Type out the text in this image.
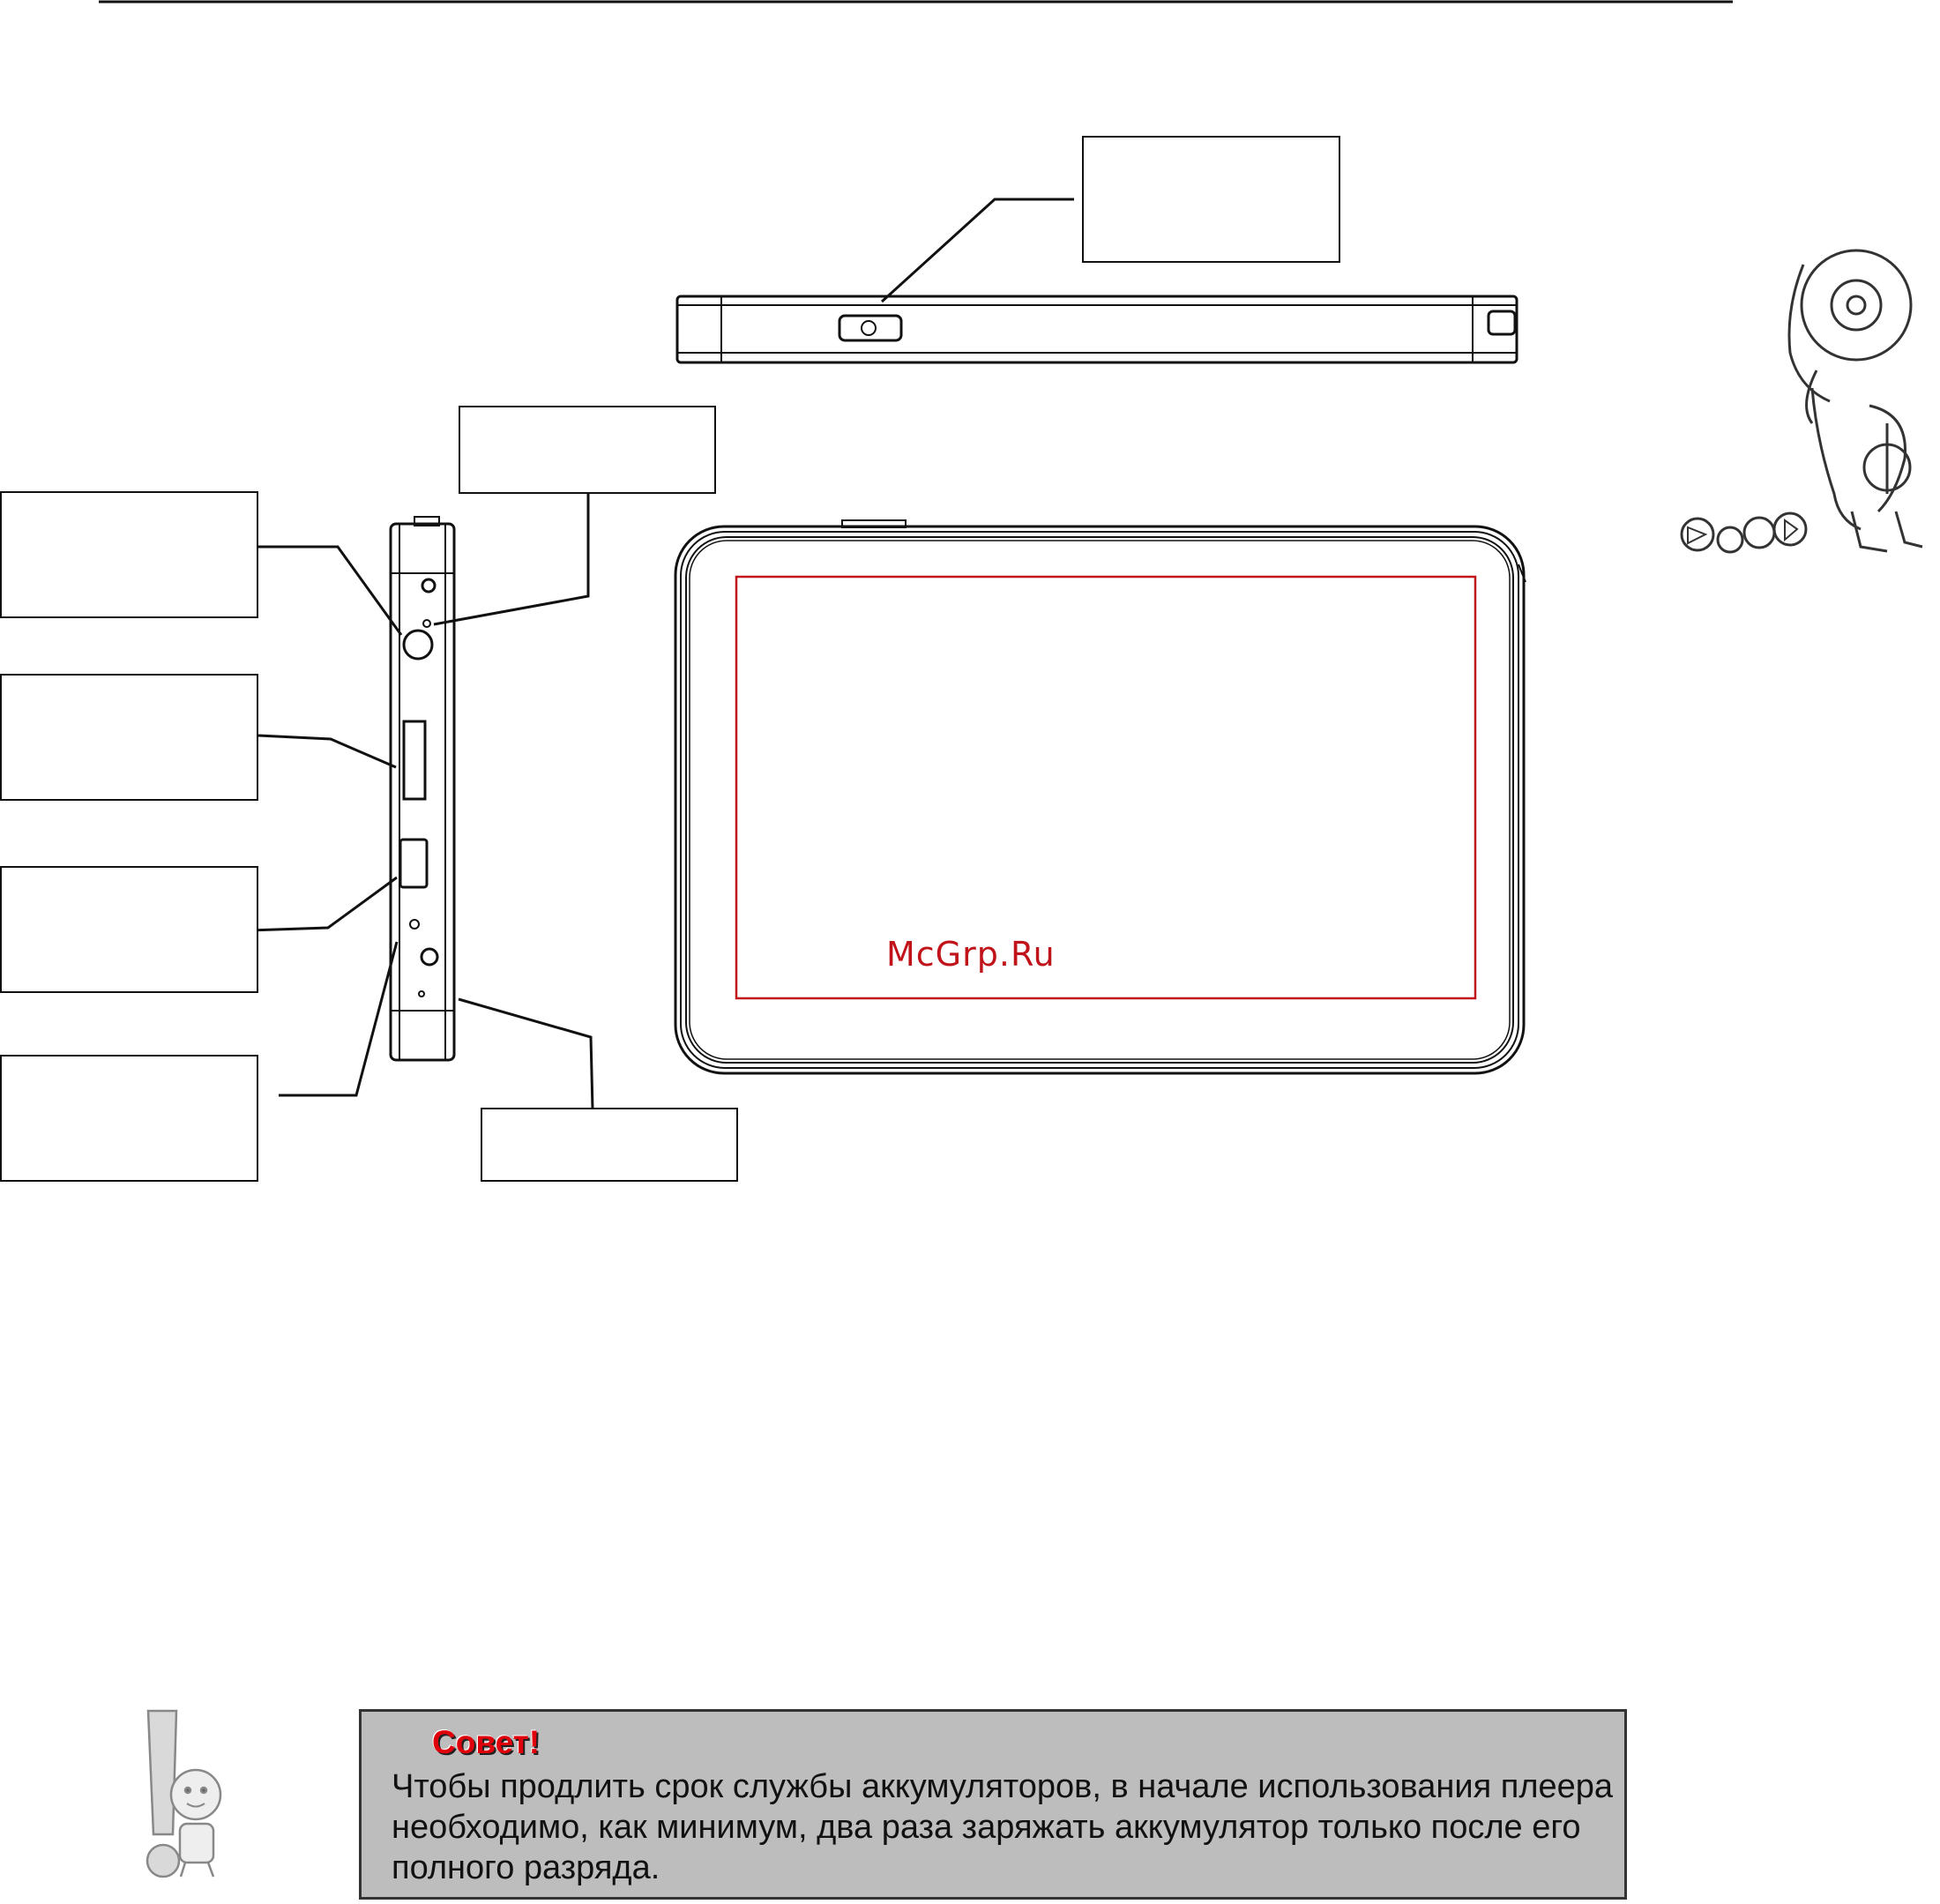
McGrp.Ru
Совет!
Чтобы продлить срок службы аккумуляторов, в начале использования плеера необходимо, как минимум, два раза заряжать аккумулятор только после его полного разряда.
